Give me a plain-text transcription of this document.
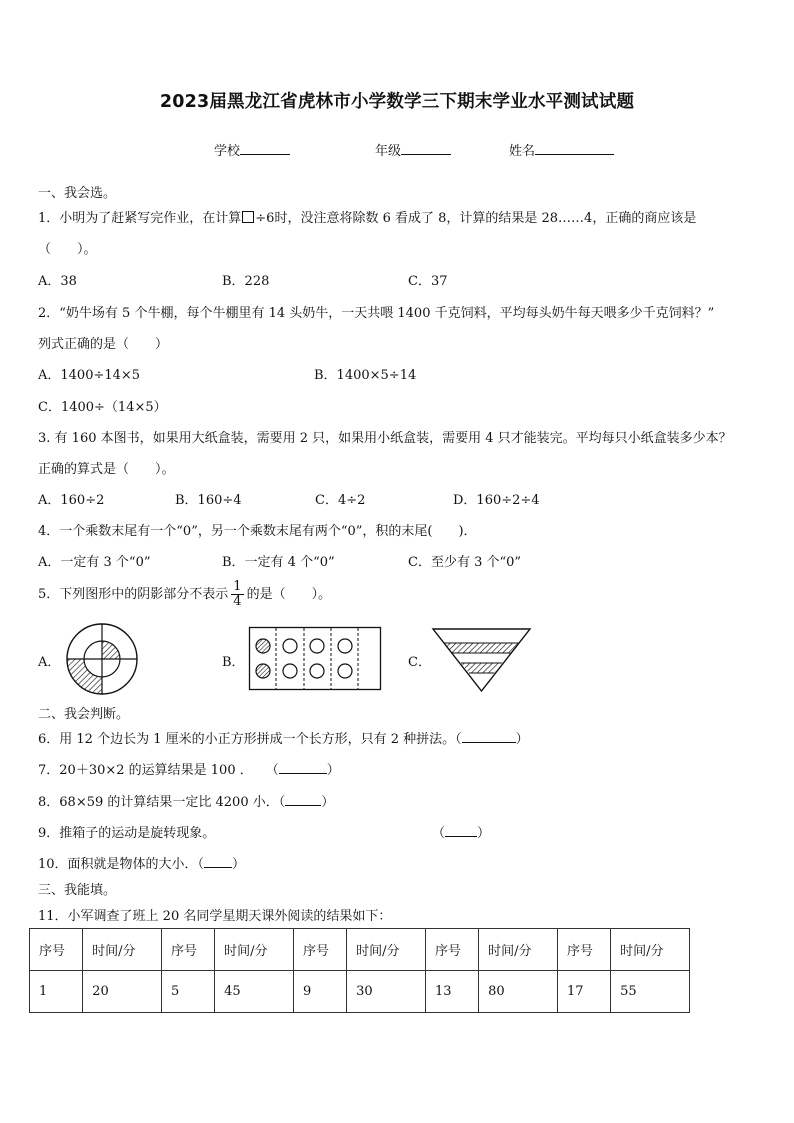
2023届黑龙江省虎林市小学数学三下期末学业水平测试试题
学校	年级	姓名
一、我会选。
1．小明为了赶紧写完作业，在计算 ÷6时，没注意将除数 6 看成了 8，计算的结果是 28……4，正确的商应该是
（　　）。
A．38	B．228	C．37
2．“奶牛场有 5 个牛棚，每个牛棚里有 14 头奶牛，一天共喂 1400 千克饲料，平均每头奶牛每天喂多少千克饲料？”
列式正确的是（　　）
A．1400÷14×5	B．1400×5÷14
C．1400÷（14×5）
3. 有 160 本图书，如果用大纸盒装，需要用 2 只，如果用小纸盒装，需要用 4 只才能装完。平均每只小纸盒装多少本？
正确的算式是（　　）。
A．160÷2	B．160÷4	C．4÷2	D．160÷2÷4
4．一个乘数末尾有一个“0”，另一个乘数末尾有两个“0”，积的末尾(　　)．
A．一定有 3 个“0”	B．一定有 4 个“0”	C．至少有 3 个“0”
5．下列图形中的阴影部分不表示 $\frac{1}{4}$ 的是（　　）。
A．	B．	C．
二、我会判断。
6．用 12 个边长为 1 厘米的小正方形拼成一个长方形，只有 2 种拼法。（	）
7．20＋30×2 的运算结果是 100 ．　　（	）
8．68×59 的计算结果一定比 4200 小．（	）
9．推箱子的运动是旋转现象。	（ ）
10．面积就是物体的大小．（ ）
三、我能填。
11．小军调查了班上 20 名同学星期天课外阅读的结果如下：
序号	时间/分	序号	时间/分	序号	时间/分	序号	时间/分	序号	时间/分
1	20	5	45	9	30	13	80	17	55
